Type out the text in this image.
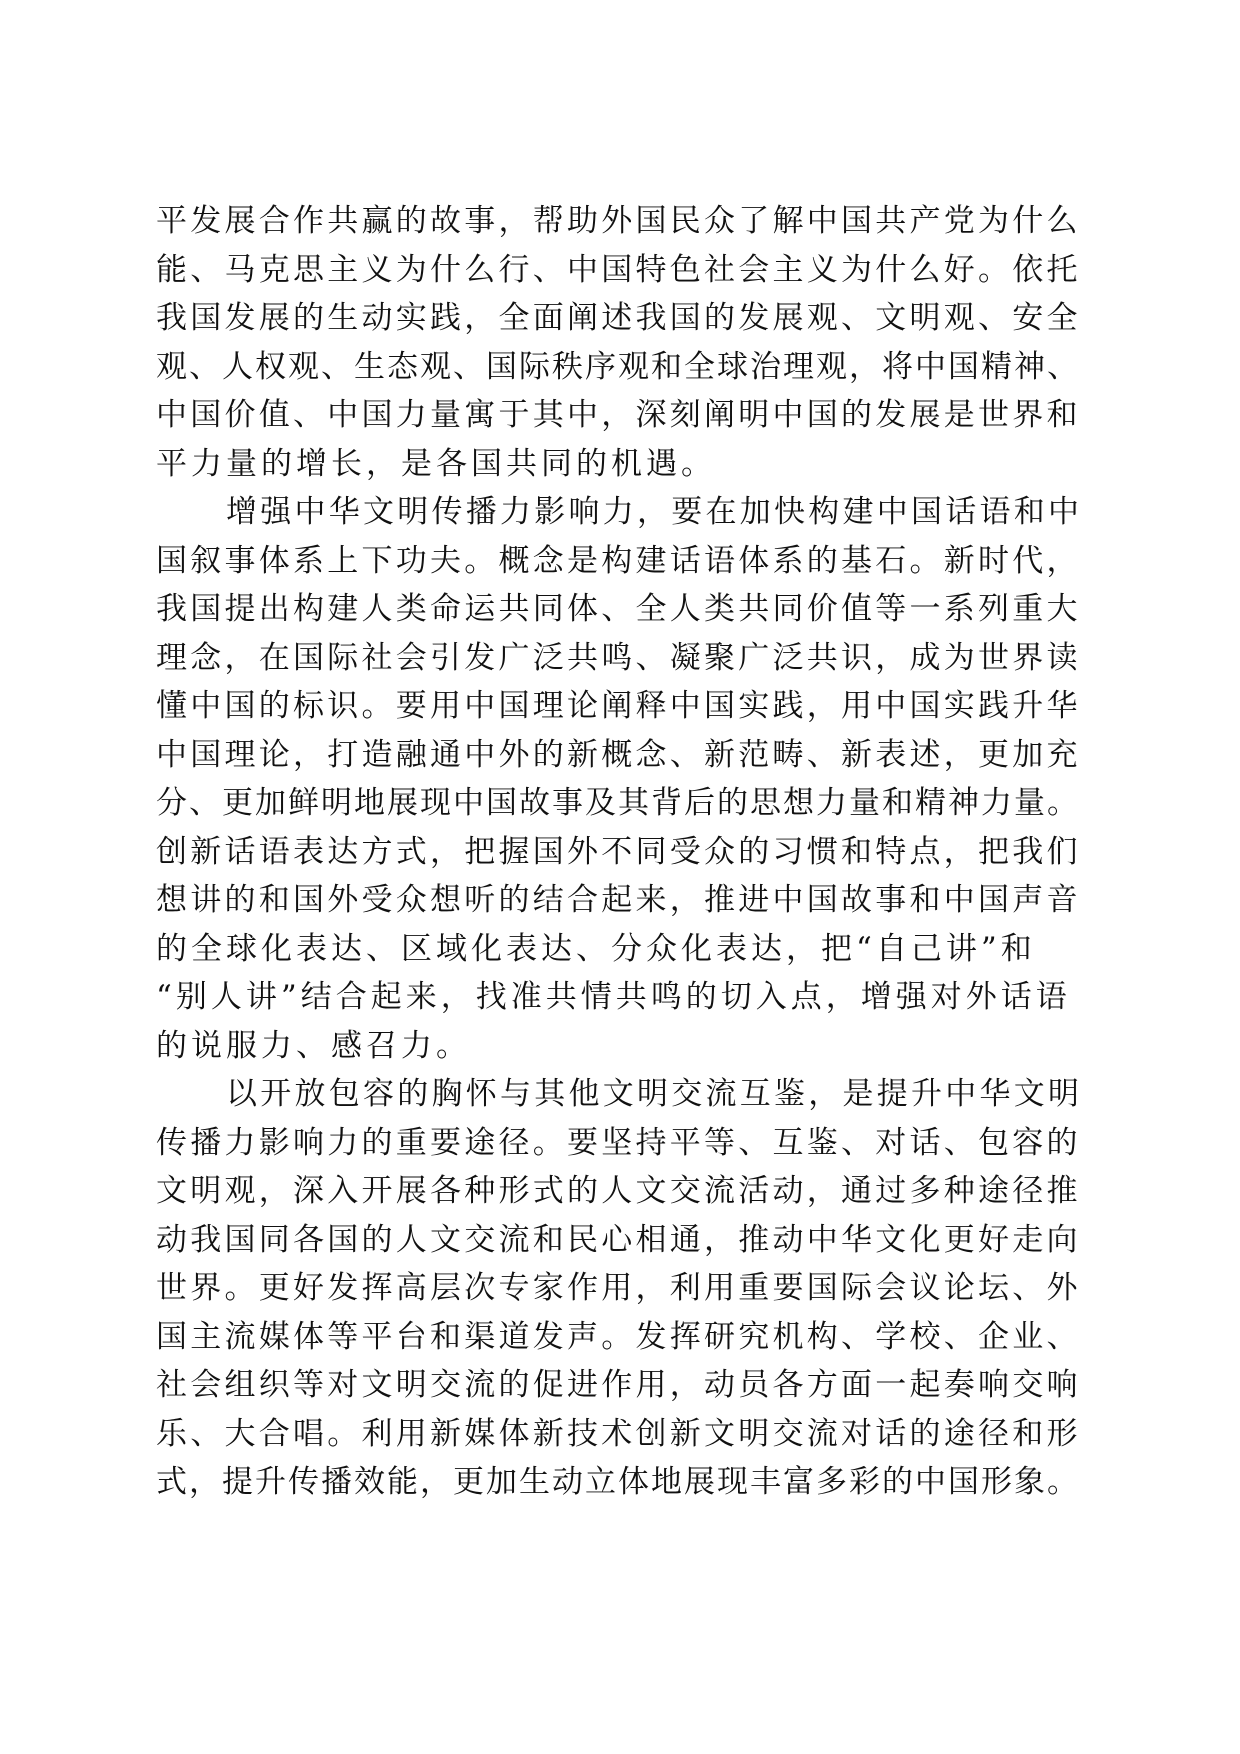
平发展合作共赢的故事，帮助外国民众了解中国共产党为什么
能、马克思主义为什么行、中国特色社会主义为什么好。依托
我国发展的生动实践，全面阐述我国的发展观、文明观、安全
观、人权观、生态观、国际秩序观和全球治理观，将中国精神、
中国价值、中国力量寓于其中，深刻阐明中国的发展是世界和
平力量的增长，是各国共同的机遇。
增强中华文明传播力影响力，要在加快构建中国话语和中
国叙事体系上下功夫。概念是构建话语体系的基石。新时代，
我国提出构建人类命运共同体、全人类共同价值等一系列重大
理念，在国际社会引发广泛共鸣、凝聚广泛共识，成为世界读
懂中国的标识。要用中国理论阐释中国实践，用中国实践升华
中国理论，打造融通中外的新概念、新范畴、新表述，更加充
分、更加鲜明地展现中国故事及其背后的思想力量和精神力量。
创新话语表达方式，把握国外不同受众的习惯和特点，把我们
想讲的和国外受众想听的结合起来，推进中国故事和中国声音
的全球化表达、区域化表达、分众化表达，把“自己讲”和
“别人讲”结合起来，找准共情共鸣的切入点，增强对外话语
的说服力、感召力。
以开放包容的胸怀与其他文明交流互鉴，是提升中华文明
传播力影响力的重要途径。要坚持平等、互鉴、对话、包容的
文明观，深入开展各种形式的人文交流活动，通过多种途径推
动我国同各国的人文交流和民心相通，推动中华文化更好走向
世界。更好发挥高层次专家作用，利用重要国际会议论坛、外
国主流媒体等平台和渠道发声。发挥研究机构、学校、企业、
社会组织等对文明交流的促进作用，动员各方面一起奏响交响
乐、大合唱。利用新媒体新技术创新文明交流对话的途径和形
式，提升传播效能，更加生动立体地展现丰富多彩的中国形象。
